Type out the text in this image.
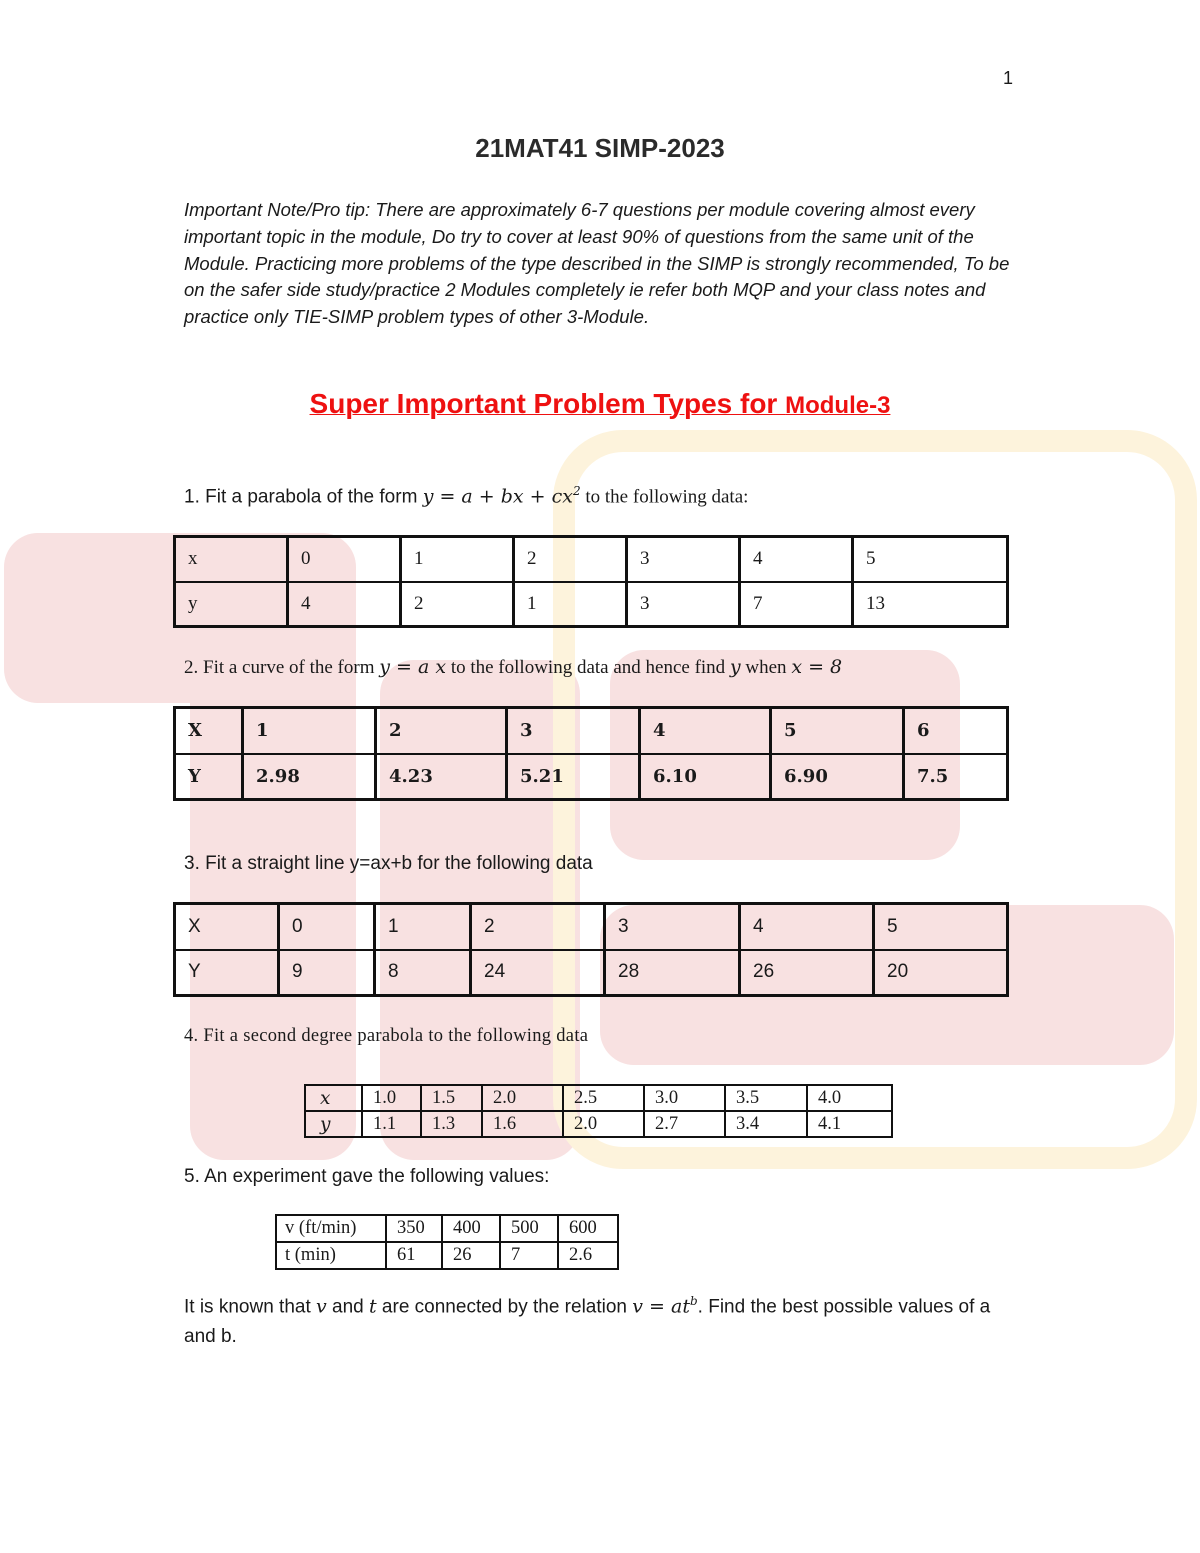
1
21MAT41 SIMP-2023
Important Note/Pro tip: There are approximately 6-7 questions per module covering almost every important topic in the module, Do try to cover at least 90% of questions from the same unit of the Module. Practicing more problems of the type described in the SIMP is strongly recommended, To be on the safer side study/practice 2 Modules completely ie refer both MQP and your class notes and practice only TIE-SIMP problem types of other 3-Module.
Super Important Problem Types for Module-3
1. Fit a parabola of the form y = a + bx + $cx^2$ to the following data:
x	0	1	2	3	4	5
y	4	2	1	3	7	13
2. Fit a curve of the form y = a x to the following data and hence find y when x = 8
X	1	2	3	4	5	6
Y	2.98	4.23	5.21	6.10	6.90	7.5
3. Fit a straight line y=ax+b for the following data
X	0	1	2	3	4	5
Y	9	8	24	28	26	20
4. Fit a second degree parabola to the following data
x	1.0	1.5	2.0	2.5	3.0	3.5	4.0
y	1.1	1.3	1.6	2.0	2.7	3.4	4.1
5. An experiment gave the following values:
v (ft/min)	350	400	500	600
t (min)	61	26	7	2.6
It is known that v and t are connected by the relation $v = at^b$. Find the best possible values of a and b.
